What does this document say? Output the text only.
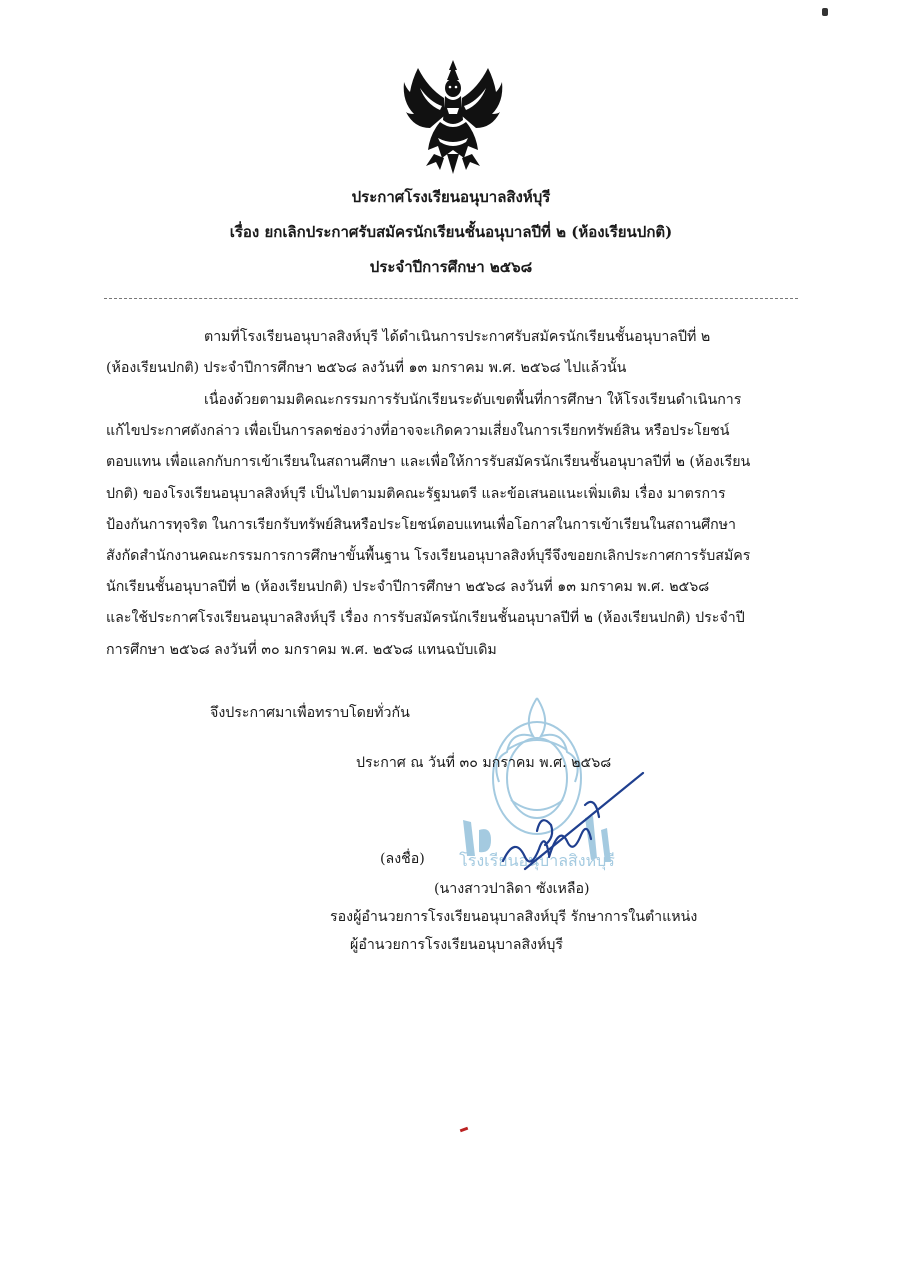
ประกาศโรงเรียนอนุบาลสิงห์บุรี
เรื่อง ยกเลิกประกาศรับสมัครนักเรียนชั้นอนุบาลปีที่ ๒ (ห้องเรียนปกติ)
ประจำปีการศึกษา ๒๕๖๘
ตามที่โรงเรียนอนุบาลสิงห์บุรี ได้ดำเนินการประกาศรับสมัครนักเรียนชั้นอนุบาลปีที่ ๒
(ห้องเรียนปกติ) ประจำปีการศึกษา ๒๕๖๘ ลงวันที่ ๑๓ มกราคม พ.ศ. ๒๕๖๘ ไปแล้วนั้น
เนื่องด้วยตามมติคณะกรรมการรับนักเรียนระดับเขตพื้นที่การศึกษา ให้โรงเรียนดำเนินการ
แก้ไขประกาศดังกล่าว เพื่อเป็นการลดช่องว่างที่อาจจะเกิดความเสี่ยงในการเรียกทรัพย์สิน หรือประโยชน์
ตอบแทน เพื่อแลกกับการเข้าเรียนในสถานศึกษา และเพื่อให้การรับสมัครนักเรียนชั้นอนุบาลปีที่ ๒ (ห้องเรียน
ปกติ) ของโรงเรียนอนุบาลสิงห์บุรี เป็นไปตามมติคณะรัฐมนตรี และข้อเสนอแนะเพิ่มเติม เรื่อง มาตรการ
ป้องกันการทุจริต ในการเรียกรับทรัพย์สินหรือประโยชน์ตอบแทนเพื่อโอกาสในการเข้าเรียนในสถานศึกษา
สังกัดสำนักงานคณะกรรมการการศึกษาขั้นพื้นฐาน โรงเรียนอนุบาลสิงห์บุรีจึงขอยกเลิกประกาศการรับสมัคร
นักเรียนชั้นอนุบาลปีที่ ๒ (ห้องเรียนปกติ) ประจำปีการศึกษา ๒๕๖๘ ลงวันที่ ๑๓ มกราคม พ.ศ. ๒๕๖๘
และใช้ประกาศโรงเรียนอนุบาลสิงห์บุรี เรื่อง การรับสมัครนักเรียนชั้นอนุบาลปีที่ ๒ (ห้องเรียนปกติ) ประจำปี
การศึกษา ๒๕๖๘ ลงวันที่ ๓๐ มกราคม พ.ศ. ๒๕๖๘ แทนฉบับเดิม
จึงประกาศมาเพื่อทราบโดยทั่วกัน
โรงเรียนอนุบาลสิงห์บุรี
ประกาศ ณ วันที่ ๓๐ มกราคม พ.ศ. ๒๕๖๘
(ลงชื่อ)
(นางสาวปาลิดา ซังเหลือ)
รองผู้อำนวยการโรงเรียนอนุบาลสิงห์บุรี รักษาการในตำแหน่ง
ผู้อำนวยการโรงเรียนอนุบาลสิงห์บุรี
